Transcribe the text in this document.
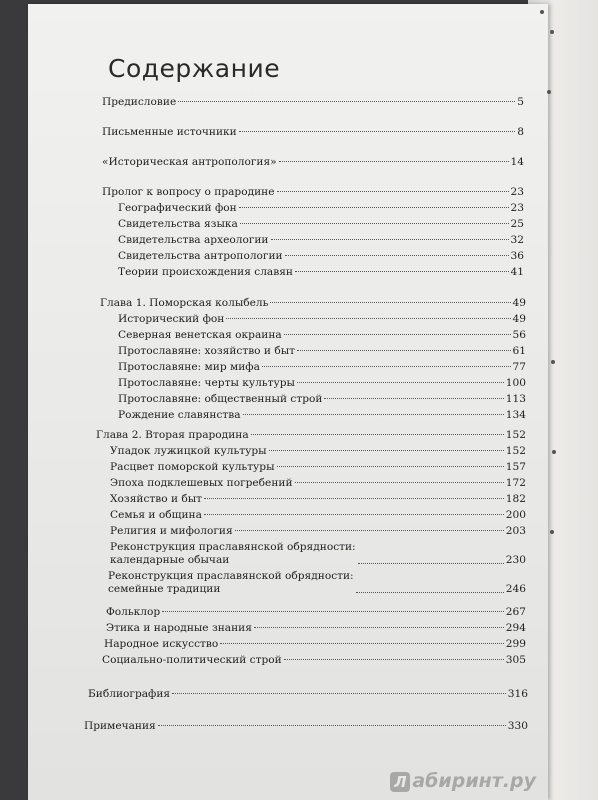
Содержание
Предисловие	5
Письменные источники	8
«Историческая антропология»	14
Пролог к вопросу о прародине	23
Географический фон	23
Свидетельства языка	25
Свидетельства археологии	32
Свидетельства антропологии	36
Теории происхождения славян	41
Глава 1. Поморская колыбель	49
Исторический фон	49
Северная венетская окраина	56
Протославяне: хозяйство и быт	61
Протославяне: мир мифа	77
Протославяне: черты культуры	100
Протославяне: общественный строй	113
Рождение славянства	134
Глава 2. Вторая прародина	152
Упадок лужицкой культуры	152
Расцвет поморской культуры	157
Эпоха подклешевых погребений	172
Хозяйство и быт	182
Семья и община	200
Религия и мифология	203
Реконструкция праславянской обрядности:
календарные обычаи	230
Реконструкция праславянской обрядности:
семейные традиции	246
Фольклор	267
Этика и народные знания	294
Народное искусство	299
Социально-политический строй	305
Библиография	316
Примечания	330
Л абиринт.ру
